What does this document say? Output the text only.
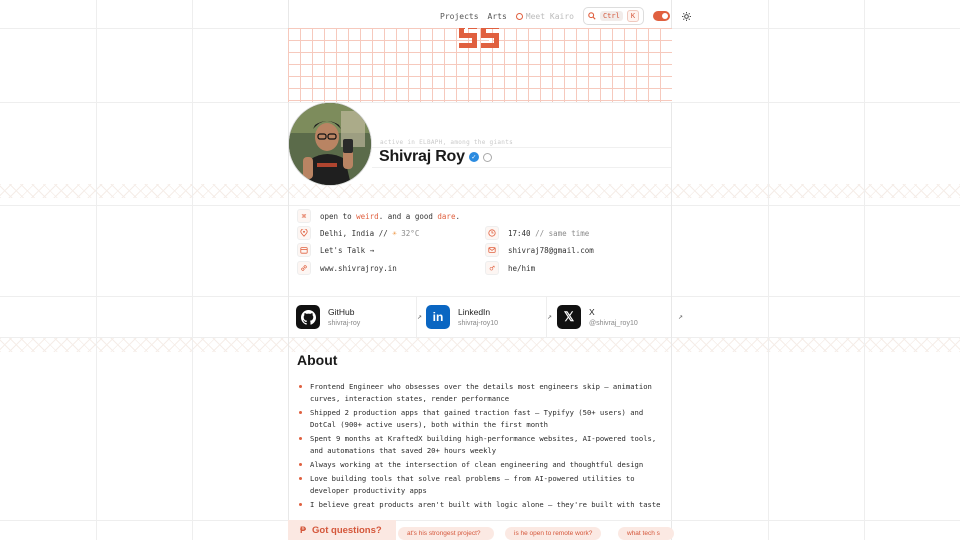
Projects Arts Meet Kairo	Ctrl	K
active in ELBAPH, among the giants
Shivraj Roy ✓
⌘ open to weird. and a good dare.
Delhi, India // ☀ 32°C	17:40 // same time
Let's Talk →	shivraj78@gmail.com
www.shivrajroy.in	♂ he/him
GitHub
shivraj-roy
↗ in	LinkedIn
shivraj-roy10
↗ 𝕏	X
@shivraj_roy10
↗
About
Frontend Engineer who obsesses over the details most engineers skip — animation curves, interaction states, render performance
Shipped 2 production apps that gained traction fast — Typifyy (50+ users) and DotCal (900+ active users), both within the first month
Spent 9 months at KraftedX building high-performance websites, AI-powered tools, and automations that saved 20+ hours weekly
Always working at the intersection of clean engineering and thoughtful design
Love building tools that solve real problems — from AI-powered utilities to developer productivity apps
I believe great products aren't built with logic alone — they're built with taste
₱ Got questions?	at's his strongest project?	is he open to remote work?	what tech s
